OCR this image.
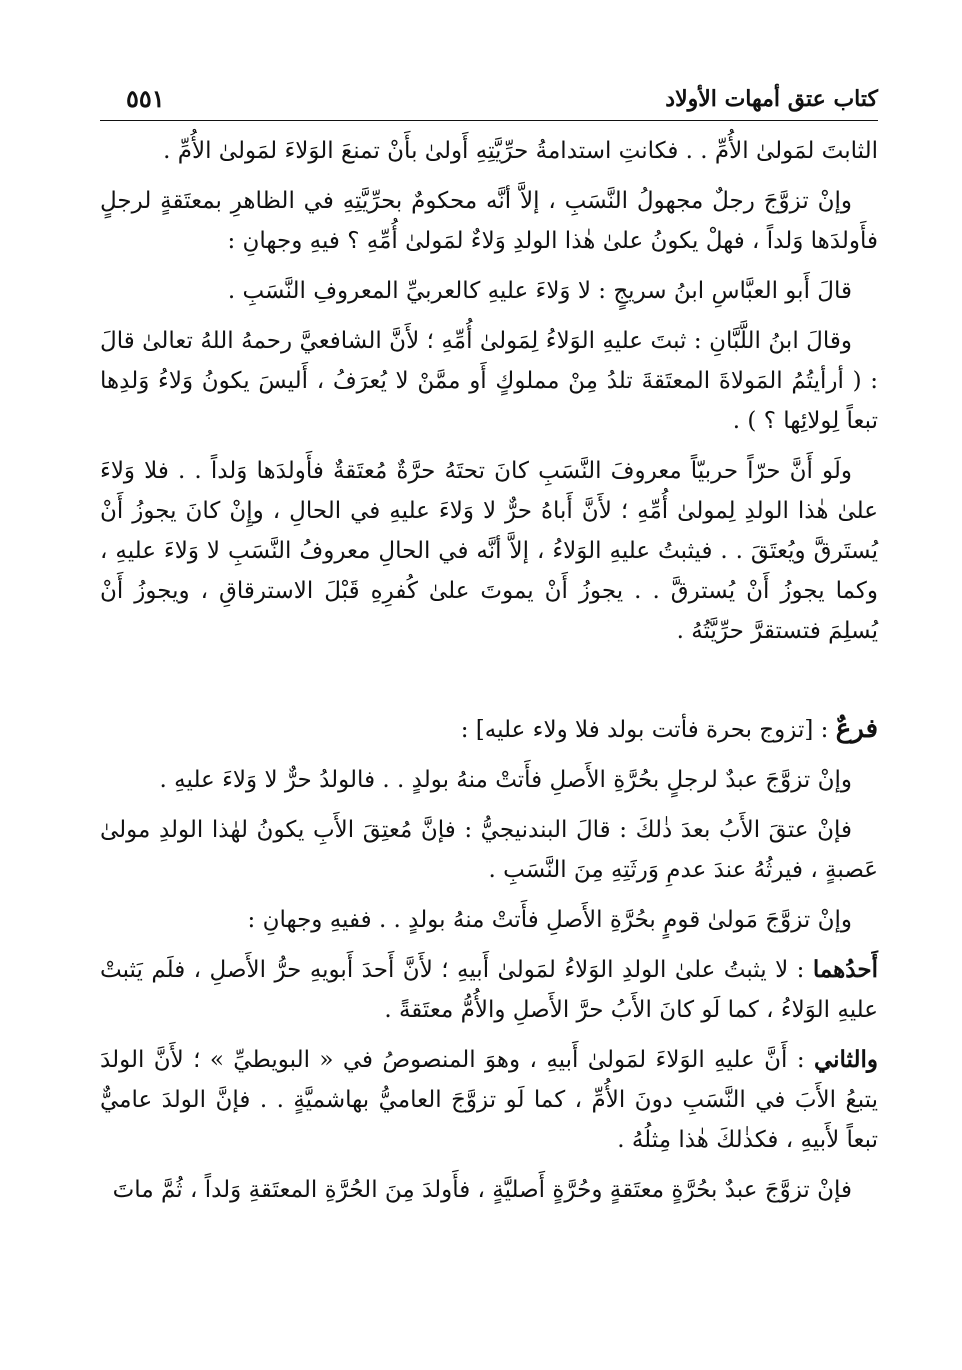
كتاب عتق أمهات الأولاد
٥٥١

الثابتَ لمَولىٰ الأُمِّ . . فكانتِ استدامةُ حرِّيَّتِهِ أَولىٰ بأَنْ تمنعَ الوَلاءَ لمَولىٰ الأُمِّ .

وإنْ تزوَّجَ رجلٌ مجهولُ النَّسَبِ ، إلاَّ أنَّه محكومٌ بحرِّيَّتِهِ في الظاهرِ بمعتَقةٍ لرجلٍ فأَولدَها وَلداً ، فهلْ يكونُ علىٰ هٰذا الولدِ وَلاءٌ لمَولىٰ أُمِّهِ ؟ فيهِ وجهانِ :

قالَ أَبو العبَّاسِ ابنُ سريجٍ : لا وَلاءَ عليهِ كالعربيِّ المعروفِ النَّسَبِ .

وقالَ ابنُ اللَّبَّانِ : ثبتَ عليهِ الوَلاءُ لِمَولىٰ أُمِّهِ ؛ لأَنَّ الشافعيَّ رحمهُ اللهُ تعالىٰ قالَ : ( أرأيتُمُ المَولاةَ المعتَقةَ تلدُ مِنْ مملوكٍ أَو ممَّنْ لا يُعرَفُ ، أَليسَ يكونُ وَلاءُ وَلدِها تبعاً لِولائِها ؟ ) .

ولَو أَنَّ حرّاً حربيّاً معروفَ النَّسَبِ كانَ تحتَهُ حرَّةٌ مُعتَقةٌ فأَولدَها وَلداً . . فلا وَلاءَ علىٰ هٰذا الولدِ لِمولىٰ أُمِّهِ ؛ لأَنَّ أَباهُ حرٌّ لا وَلاءَ عليهِ في الحالِ ، وإِنْ كانَ يجوزُ أَنْ يُستَرقَّ ويُعتَقَ . . فيثبتُ عليهِ الوَلاءُ ، إلاَّ أنَّه في الحالِ معروفُ النَّسَبِ لا وَلاءَ عليهِ ، وكما يجوزُ أَنْ يُسترقَّ . . يجوزُ أَنْ يموتَ علىٰ كُفرِهِ قَبْلَ الاسترقاقِ ، ويجوزُ أَنْ يُسلِمَ فتستقرَّ حرِّيَّتُهُ .

فرعٌ : [تزوج بحرة فأتت بولد فلا ولاء عليه] :

وإنْ تزوَّجَ عبدٌ لرجلٍ بحُرَّةِ الأَصلِ فأَتتْ منهُ بولدٍ . . فالولدُ حرٌّ لا وَلاءَ عليهِ .

فإنْ عتقَ الأَبُ بعدَ ذٰلكَ : قالَ البندنيجيُّ : فإنَّ مُعتِقَ الأَبِ يكونُ لهٰذا الولدِ مولىٰ عَصبةٍ ، فيرثُهُ عندَ عدمِ وَرثَتِهِ مِنَ النَّسَبِ .

وإنْ تزوَّجَ مَولىٰ قومٍ بحُرَّةِ الأَصلِ فأَتتْ منهُ بولدٍ . . ففيهِ وجهانِ :

أَحدُهما : لا يثبتُ علىٰ الولدِ الوَلاءُ لمَولىٰ أَبيهِ ؛ لأَنَّ أَحدَ أَبويهِ حرُّ الأَصلِ ، فلَم يَثبتْ عليهِ الوَلاءُ ، كما لَو كانَ الأَبُ حرَّ الأَصلِ والأُمُّ معتَقةً .

والثاني : أَنَّ عليهِ الوَلاءَ لمَولىٰ أَبيهِ ، وهوَ المنصوصُ في « البويطيِّ » ؛ لأَنَّ الولدَ يتبعُ الأَبَ في النَّسَبِ دونَ الأُمِّ ، كما لَو تزوَّجَ العاميُّ بهاشميَّةٍ . . فإنَّ الولدَ عاميٌّ تبعاً لأَبيهِ ، فكذٰلكَ هٰذا مِثلُهُ .

فإنْ تزوَّجَ عبدٌ بحُرَّةٍ معتَقةٍ وحُرَّةٍ أَصليَّةٍ ، فأَولدَ مِنَ الحُرَّةِ المعتَقةِ وَلداً ، ثُمَّ ماتَ
